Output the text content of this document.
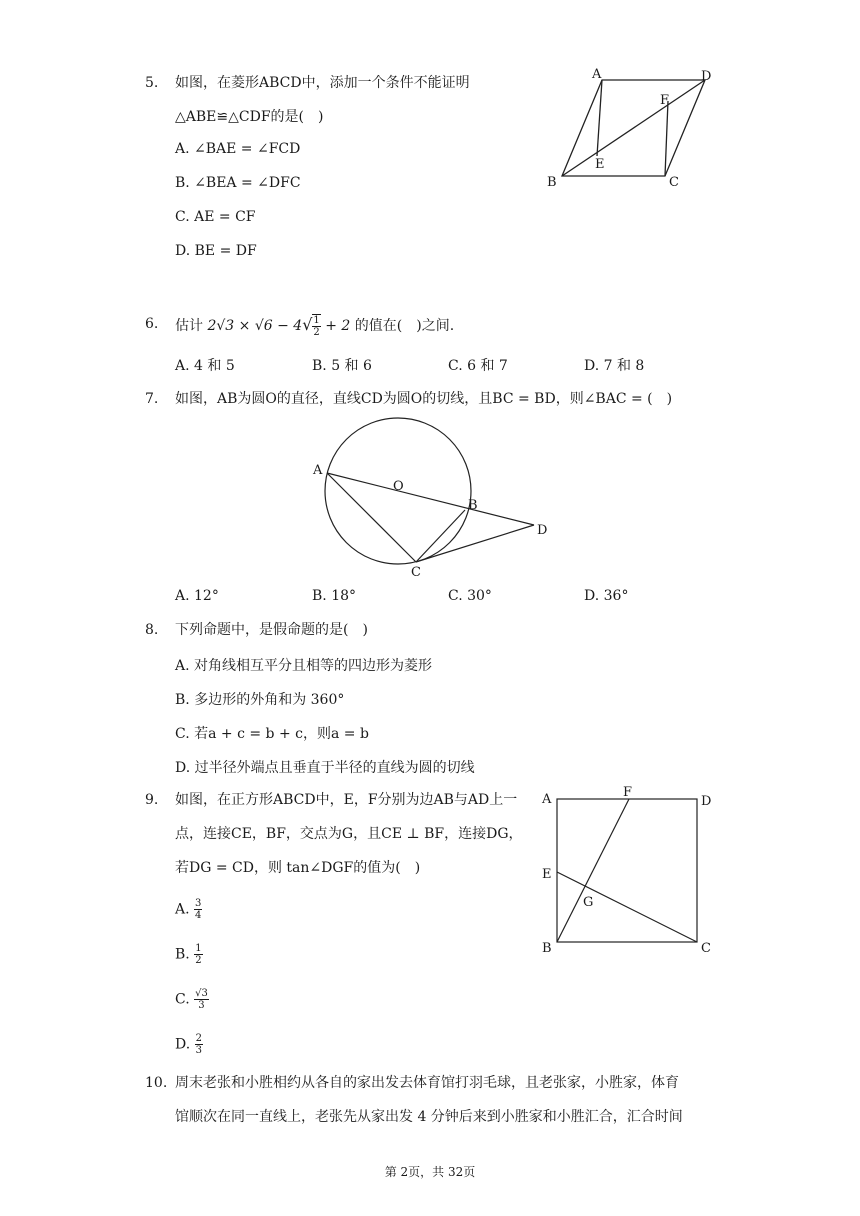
5. 如图，在菱形ABCD中，添加一个条件不能证明
△ABE≌△CDF的是(　)
A. ∠BAE = ∠FCD
B. ∠BEA = ∠DFC
C. AE = CF
D. BE = DF
A	D
F
E
B	C
6. 估计 $2√3 \times √6 - 4√ \frac{1}{2} + 2$ 的值在(　)之间.
A. 4 和 5	B. 5 和 6	C. 6 和 7	D. 7 和 8
7. 如图，AB为圆O的直径，直线CD为圆O的切线，且BC = BD，则∠BAC = (　)
A
O
B
D
C
A. 12°	B. 18°	C. 30°	D. 36°
8. 下列命题中，是假命题的是(　)
A. 对角线相互平分且相等的四边形为菱形
B. 多边形的外角和为 360°
C. 若a + c = b + c，则a = b
D. 过半径外端点且垂直于半径的直线为圆的切线
9. 如图，在正方形ABCD中，E，F分别为边AB与AD上一
点，连接CE，BF，交点为G，且CE ⊥ BF，连接DG，
若DG = CD，则 tan∠DGF的值为(　)
A. $\frac{3}{4}$
B. $\frac{1}{2}$
C. $\frac{√3}{3}$
D. $\frac{2}{3}$
A	F
D
E
G
B	C
10. 周末老张和小胜相约从各自的家出发去体育馆打羽毛球，且老张家，小胜家，体育
馆顺次在同一直线上，老张先从家出发 4 分钟后来到小胜家和小胜汇合，汇合时间
第 2页，共 32页
